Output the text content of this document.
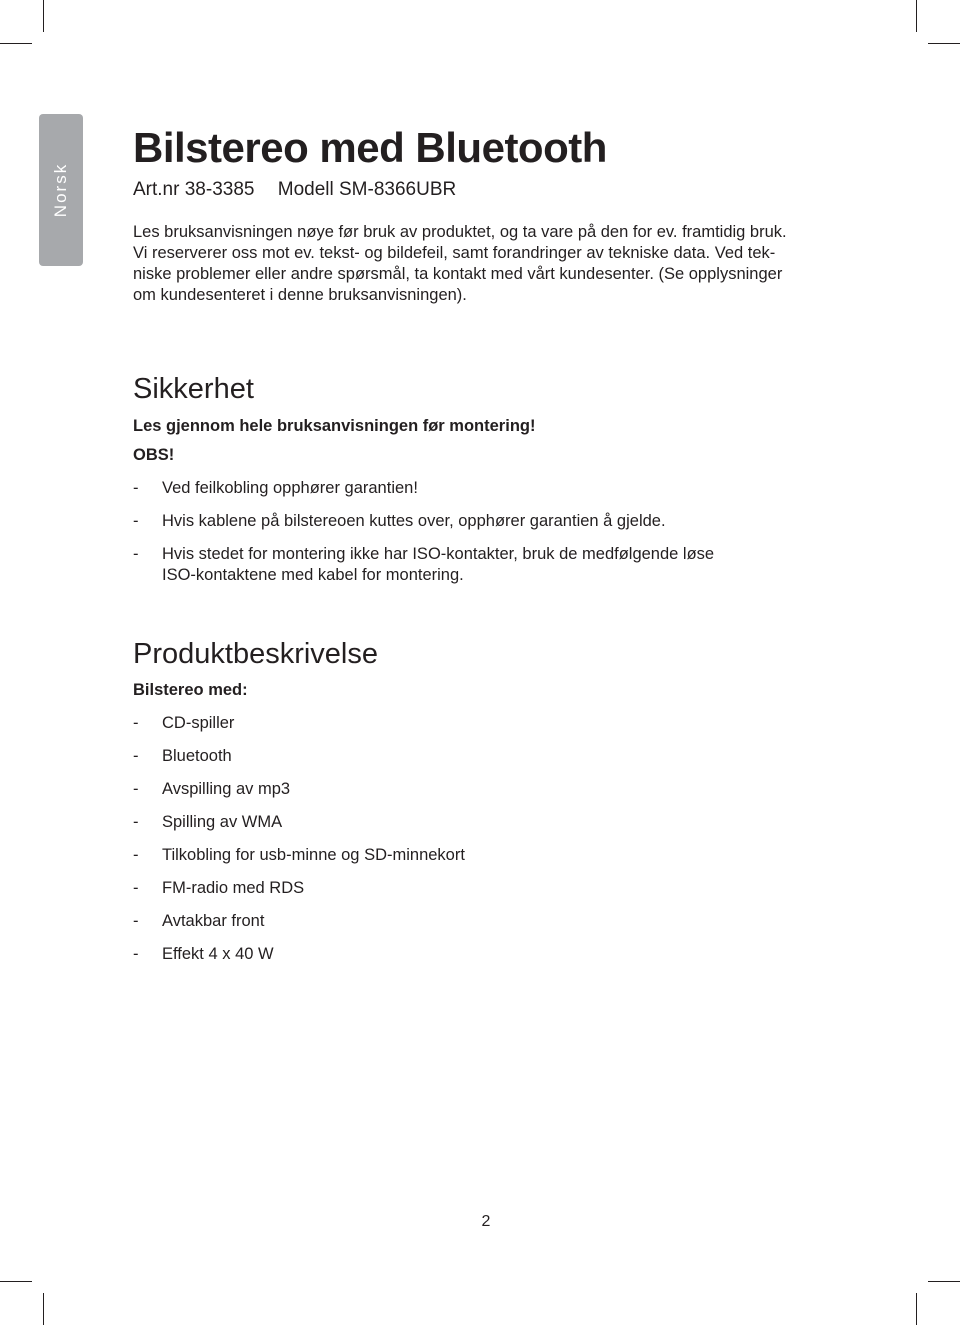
Norsk
Bilstereo med Bluetooth
Art.nr 38-3385 Modell SM-8366UBR
Les bruksanvisningen nøye før bruk av produktet, og ta vare på den for ev. framtidig bruk.
Vi reserverer oss mot ev. tekst- og bildefeil, samt forandringer av tekniske data. Ved tek-
niske problemer eller andre spørsmål, ta kontakt med vårt kundesenter. (Se opplysninger
om kundesenteret i denne bruksanvisningen).
Sikkerhet
Les gjennom hele bruksanvisningen før montering!
OBS!
- Ved feilkobling opphører garantien!
- Hvis kablene på bilstereoen kuttes over, opphører garantien å gjelde.
- Hvis stedet for montering ikke har ISO-kontakter, bruk de medfølgende løse
ISO-kontaktene med kabel for montering.
Produktbeskrivelse
Bilstereo med:
- CD-spiller
- Bluetooth
- Avspilling av mp3
- Spilling av WMA
- Tilkobling for usb-minne og SD-minnekort
- FM-radio med RDS
- Avtakbar front
- Effekt 4 x 40 W
2
